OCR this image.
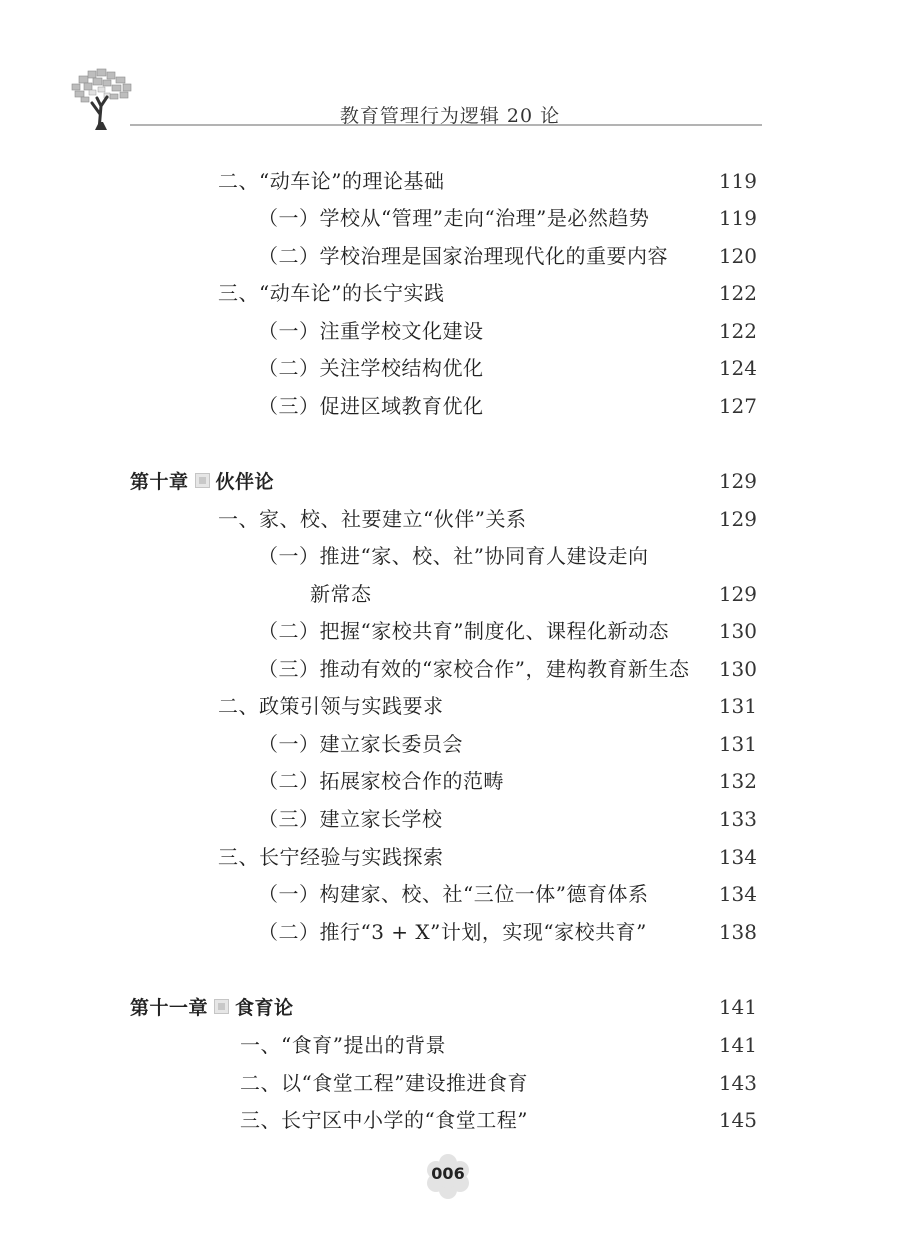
教育管理行为逻辑 20 论
二、“动车论”的理论基础	119
（一）学校从“管理”走向“治理”是必然趋势	119
（二）学校治理是国家治理现代化的重要内容	120
三、“动车论”的长宁实践	122
（一）注重学校文化建设	122
（二）关注学校结构优化	124
（三）促进区域教育优化	127
第十章 伙伴论	129
一、家、校、社要建立“伙伴”关系	129
（一）推进“家、校、社”协同育人建设走向
新常态	129
（二）把握“家校共育”制度化、课程化新动态 130
（三）推动有效的“家校合作”，建构教育新生态 130
二、政策引领与实践要求	131
（一）建立家长委员会	131
（二）拓展家校合作的范畴	132
（三）建立家长学校	133
三、长宁经验与实践探索	134
（一）构建家、校、社“三位一体”德育体系	134
（二）推行“3 + X”计划，实现“家校共育”	138
第十一章 食育论	141
一、“食育”提出的背景	141
二、以“食堂工程”建设推进食育	143
三、长宁区中小学的“食堂工程”	145
006
